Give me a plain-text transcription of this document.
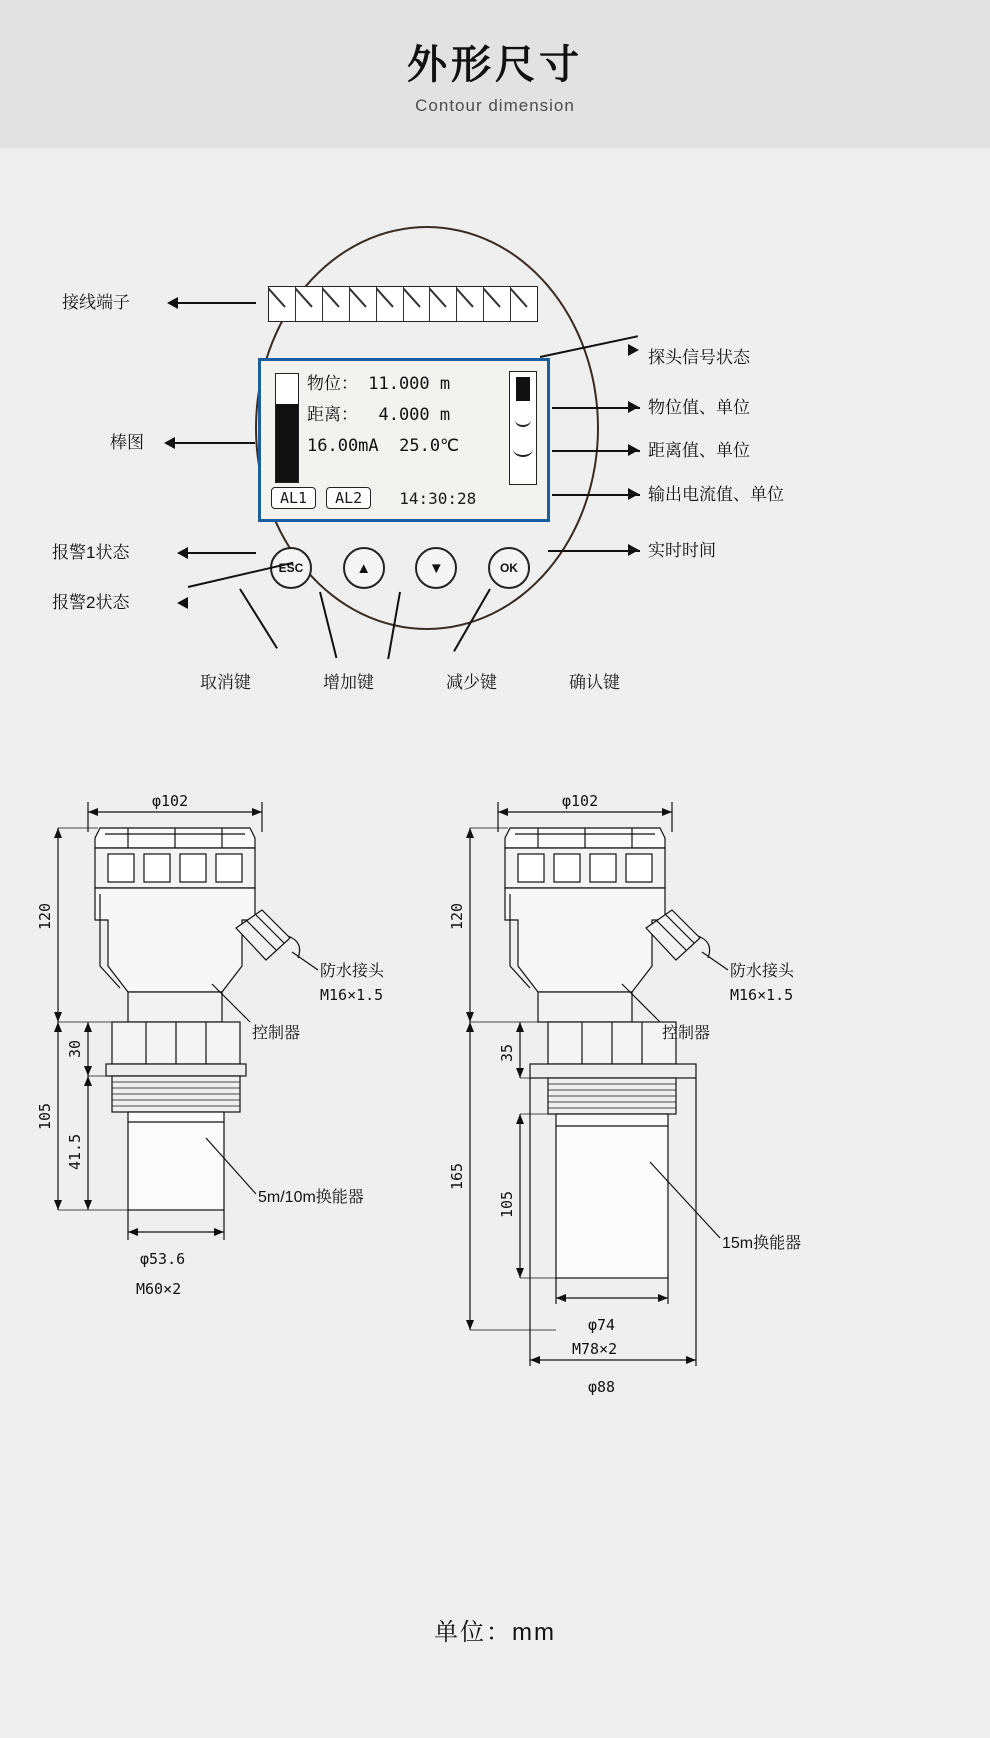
外形尺寸
Contour dimension
物位： 11.000 m
距离：  4.000 m
16.00mA  25.0℃
AL1	AL2	14:30:28
ESC	▲	▼	OK
接线端子
棒图
报警1状态
报警2状态
探头信号状态
物位值、单位
距离值、单位
输出电流值、单位
实时时间
取消键	增加键	减少键	确认键
φ102
120
105
30
41.5
φ53.6
M60×2
防水接头
M16×1.5
控制器
5m/10m换能器
φ102
120
165
35
105
φ74
M78×2
φ88
防水接头
M16×1.5
控制器
15m换能器
单位：mm
